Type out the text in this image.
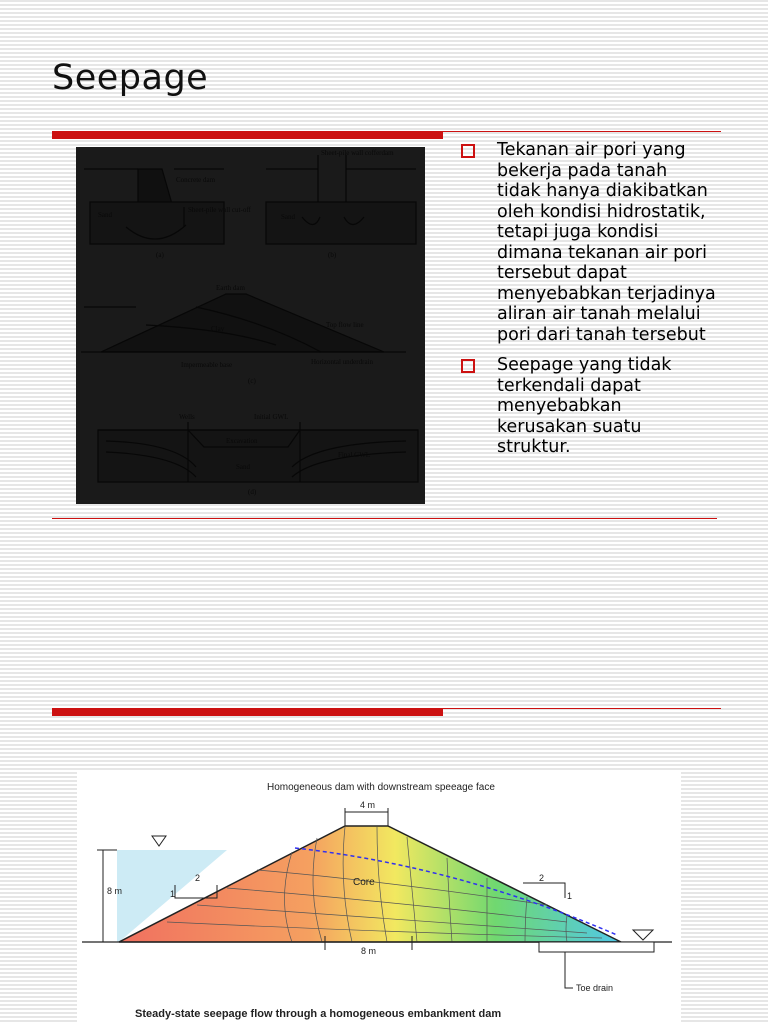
Seepage
Concrete dam
Sand
Sheet-pile wall cut-off
(a)
Sheet-pile wall cofferdam
Sand
(b)
Earth dam
Clay	Top flow line
Impermeable base	Horizontal underdrain
(c)
Wells	Initial GWL
Excavation
Final GWL
Sand
(d)
Tekanan air pori yang
bekerja pada tanah
tidak hanya diakibatkan
oleh kondisi hidrostatik,
tetapi juga kondisi
dimana tekanan air pori
tersebut dapat
menyebabkan terjadinya
aliran air tanah melalui
pori dari tanah tersebut
Seepage yang tidak
terkendali dapat
menyebabkan
kerusakan suatu
struktur.
Homogeneous dam with downstream speeage face
4 m
8 m
Core
8 m
2
1
2
1
Toe drain
Steady-state seepage flow through a homogeneous embankment dam
